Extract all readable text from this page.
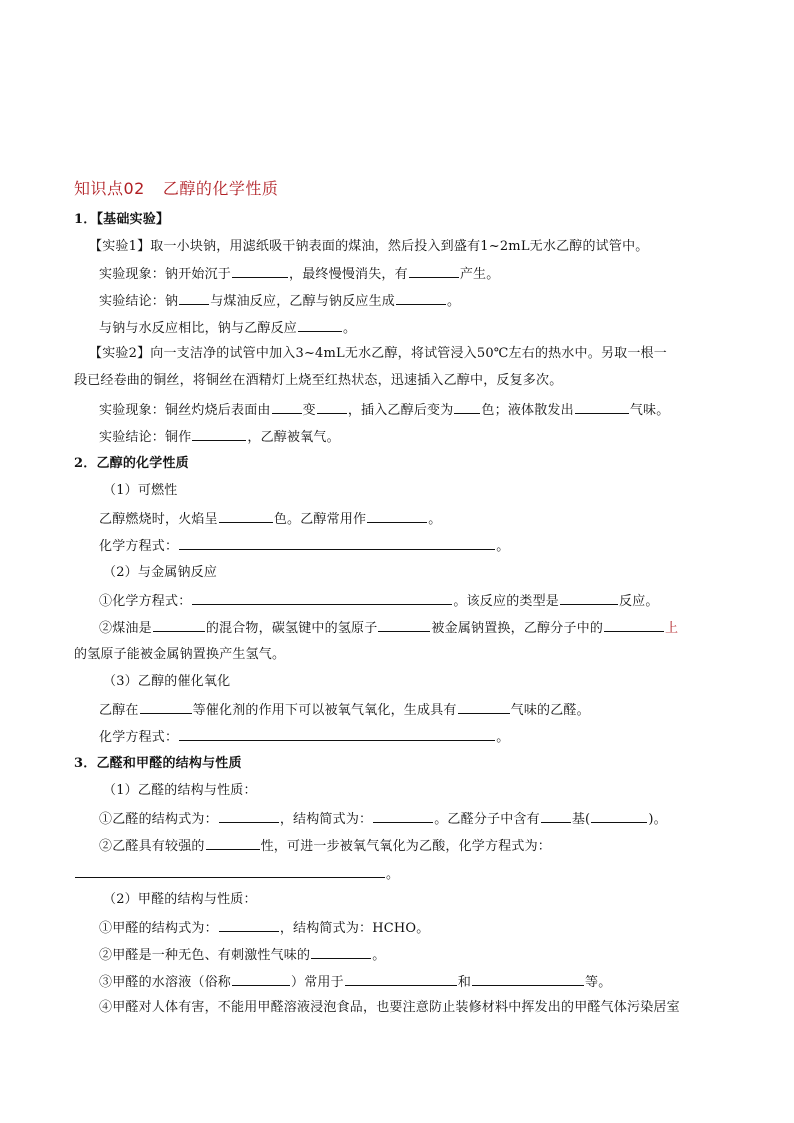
知识点02 乙醇的化学性质
1．【基础实验】
【实验1】取一小块钠，用滤纸吸干钠表面的煤油，然后投入到盛有1~2mL无水乙醇的试管中。
实验现象：钠开始沉于	，最终慢慢消失，有	产生。
实验结论：钠 与煤油反应，乙醇与钠反应生成	。
与钠与水反应相比，钠与乙醇反应	。
【实验2】向一支洁净的试管中加入3~4mL无水乙醇，将试管浸入50℃左右的热水中。另取一根一
段已经卷曲的铜丝，将铜丝在酒精灯上烧至红热状态，迅速插入乙醇中，反复多次。
实验现象：铜丝灼烧后表面由 变 ，插入乙醇后变为 色；液体散发出	气味。
实验结论：铜作	，乙醇被氧气。
2．乙醇的化学性质
（1）可燃性
乙醇燃烧时，火焰呈	色。乙醇常用作	。
化学方程式：	。
（2）与金属钠反应
①化学方程式：	。该反应的类型是	反应。
②煤油是	的混合物，碳氢键中的氢原子	被金属钠置换，乙醇分子中的	上
的氢原子能被金属钠置换产生氢气。
（3）乙醇的催化氧化
乙醇在	等催化剂的作用下可以被氧气氧化，生成具有	气味的乙醛。
化学方程式：	。
3．乙醛和甲醛的结构与性质
（1）乙醛的结构与性质：
①乙醛的结构式为：	，结构简式为：	。乙醛分子中含有 基(	)。
②乙醛具有较强的	性，可进一步被氧气氧化为乙酸，化学方程式为：
。
（2）甲醛的结构与性质：
①甲醛的结构式为：	，结构简式为：HCHO。
②甲醛是一种无色、有刺激性气味的	。
③甲醛的水溶液（俗称	）常用于	和	等。
④甲醛对人体有害，不能用甲醛溶液浸泡食品，也要注意防止装修材料中挥发出的甲醛气体污染居室
